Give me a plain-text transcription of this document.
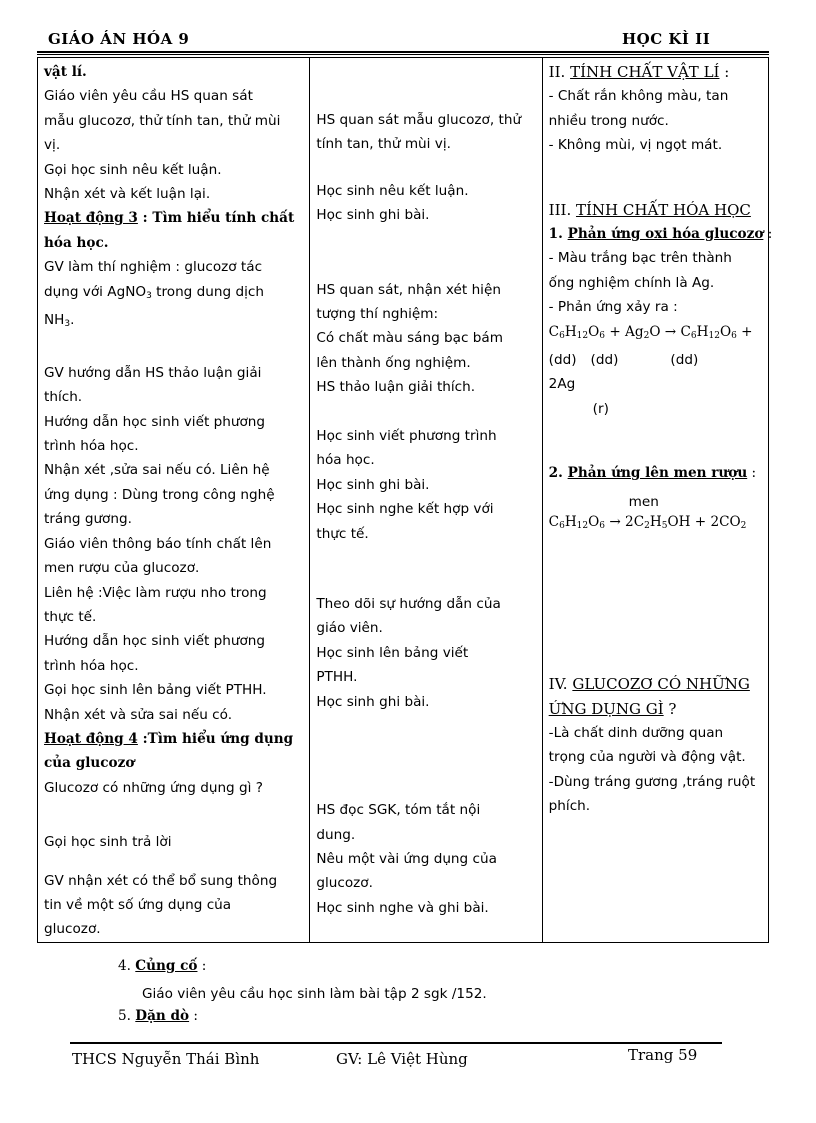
GIÁO ÁN HÓA 9	HỌC KÌ II
vật lí.
Giáo viên yêu cầu HS quan sát
mẫu glucozơ, thử tính tan, thử mùi
vị.
Gọi học sinh nêu kết luận.
Nhận xét và kết luận lại.
Hoạt động 3 : Tìm hiểu tính chất
hóa học.
GV làm thí nghiệm : glucozơ tác
dụng với AgNO$_3$ trong dung dịch
$NH_3$.
GV hướng dẫn HS thảo luận giải
thích.
Hướng dẫn học sinh viết phương
trình hóa học.
Nhận xét ,sửa sai nếu có. Liên hệ
ứng dụng : Dùng trong công nghệ
tráng gương.
Giáo viên thông báo tính chất lên
men rượu của glucozơ.
Liên hệ :Việc làm rượu nho trong
thực tế.
Hướng dẫn học sinh viết phương
trình hóa học.
Gọi học sinh lên bảng viết PTHH.
Nhận xét và sửa sai nếu có.
Hoạt động 4 :Tìm hiểu ứng dụng
của glucozơ
Glucozơ có những ứng dụng gì ?
Gọi học sinh trả lời
GV nhận xét có thể bổ sung thông
tin về một số ứng dụng của
glucozơ.

HS quan sát mẫu glucozơ, thử
tính tan, thử mùi vị.
Học sinh nêu kết luận.
Học sinh ghi bài.
HS quan sát, nhận xét hiện
tượng thí nghiệm:
Có chất màu sáng bạc bám
lên thành ống nghiệm.
HS thảo luận giải thích.
Học sinh viết phương trình
hóa học.
Học sinh ghi bài.
Học sinh nghe kết hợp với
thực tế.
Theo dõi sự hướng dẫn của
giáo viên.
Học sinh lên bảng viết
PTHH.
Học sinh ghi bài.
HS đọc SGK, tóm tắt nội
dung.
Nêu một vài ứng dụng của
glucozơ.
Học sinh nghe và ghi bài.

II. TÍNH CHẤT VẬT LÍ :
- Chất rắn không màu, tan
nhiều trong nước.
- Không mùi, vị ngọt mát.
III. TÍNH CHẤT HÓA HỌC
1. Phản ứng oxi hóa glucozơ :
- Màu trắng bạc trên thành
ống nghiệm chính là Ag.
- Phản ứng xảy ra :
$C_6H_{12}O_6 + Ag_2O \to C_6H_{12}O_6$ +
(dd) (dd)	(dd)
2Ag
(r)
2. Phản ứng lên men rượu :
men
$C_6H_{12}O_6 \to 2C_2H_5OH + 2CO_2$
IV. GLUCOZƠ CÓ NHỮNG
ỨNG DỤNG GÌ ?
-Là chất dinh dưỡng quan
trọng của người và động vật.
-Dùng tráng gương ,tráng ruột
phích.
4. Củng cố :
Giáo viên yêu cầu học sinh làm bài tập 2 sgk /152.
5. Dặn dò :
THCS Nguyễn Thái Bình	GV: Lê Việt Hùng	Trang 59
